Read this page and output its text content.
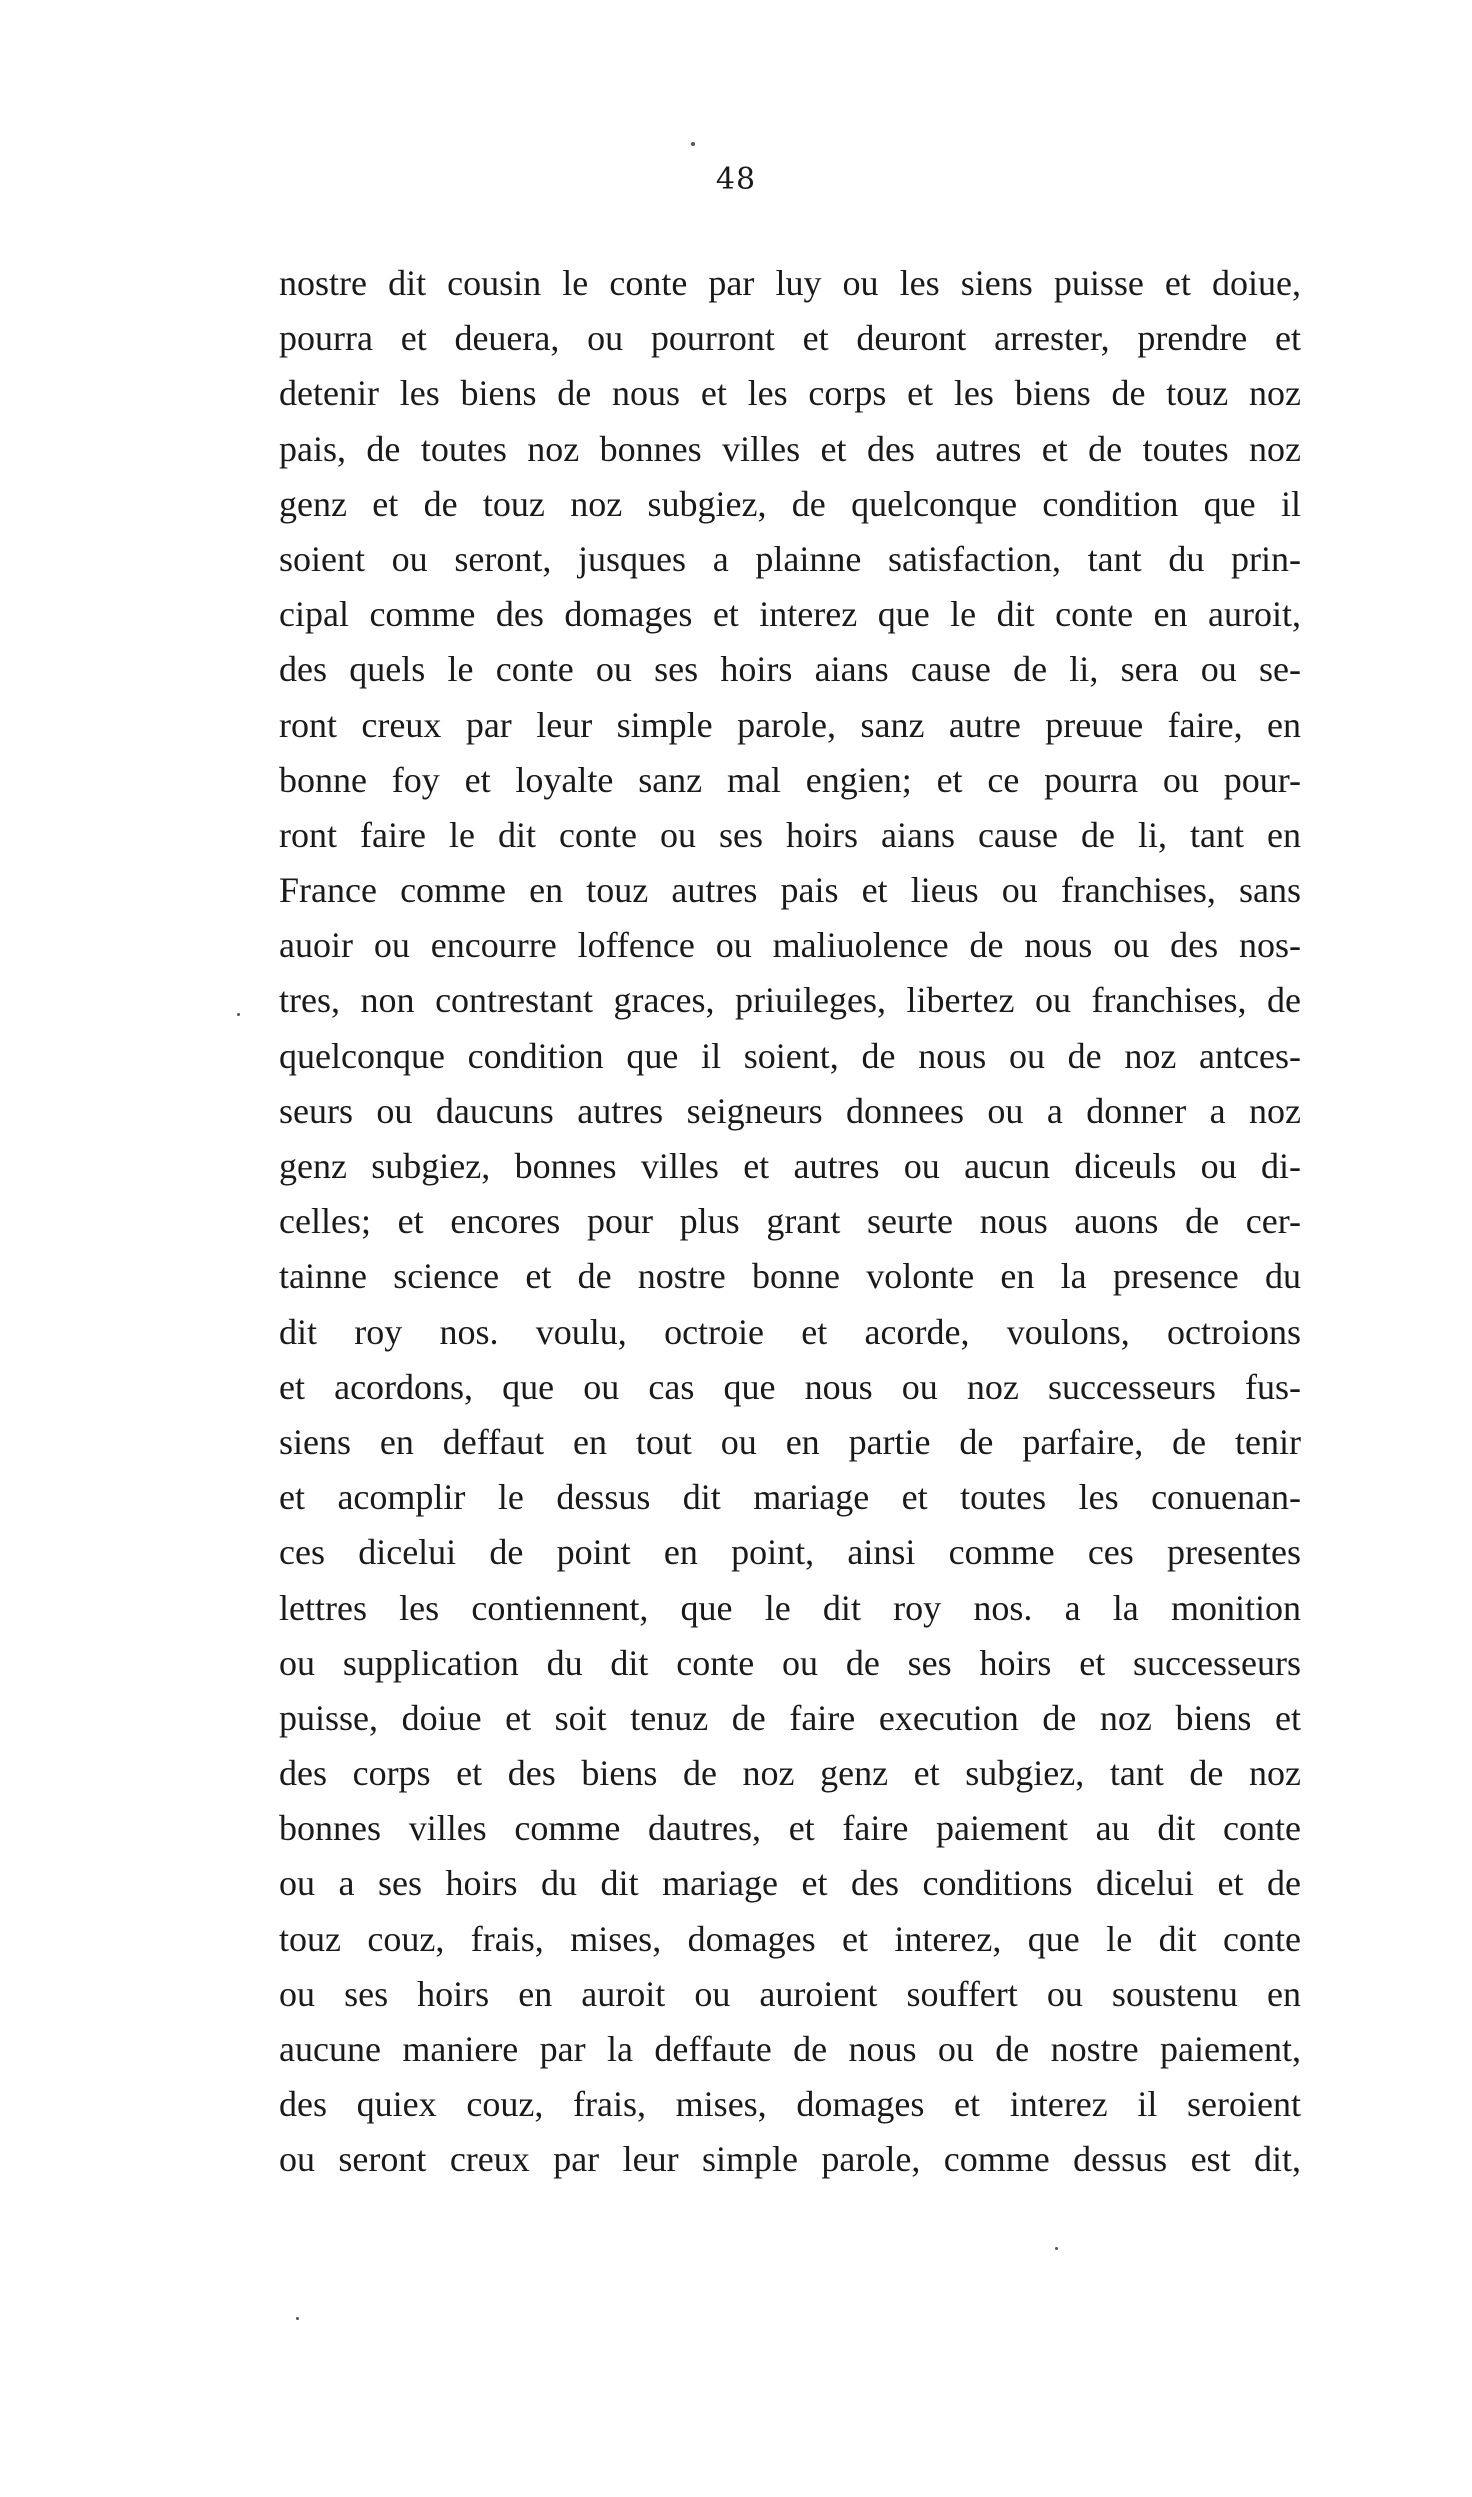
48
nostre dit cousin le conte par luy ou les siens puisse et doiue,
pourra et deuera, ou pourront et deuront arrester, prendre et
detenir les biens de nous et les corps et les biens de touz noz
pais, de toutes noz bonnes villes et des autres et de toutes noz
genz et de touz noz subgiez, de quelconque condition que il
soient ou seront, jusques a plainne satisfaction, tant du prin-
cipal comme des domages et interez que le dit conte en auroit,
des quels le conte ou ses hoirs aians cause de li, sera ou se-
ront creux par leur simple parole, sanz autre preuue faire, en
bonne foy et loyalte sanz mal engien; et ce pourra ou pour-
ront faire le dit conte ou ses hoirs aians cause de li, tant en
France comme en touz autres pais et lieus ou franchises, sans
auoir ou encourre loffence ou maliuolence de nous ou des nos-
tres, non contrestant graces, priuileges, libertez ou franchises, de
quelconque condition que il soient, de nous ou de noz antces-
seurs ou daucuns autres seigneurs donnees ou a donner a noz
genz subgiez, bonnes villes et autres ou aucun diceuls ou di-
celles; et encores pour plus grant seurte nous auons de cer-
tainne science et de nostre bonne volonte en la presence du
dit roy nos. voulu, octroie et acorde, voulons, octroions
et acordons, que ou cas que nous ou noz successeurs fus-
siens en deffaut en tout ou en partie de parfaire, de tenir
et acomplir le dessus dit mariage et toutes les conuenan-
ces dicelui de point en point, ainsi comme ces presentes
lettres les contiennent, que le dit roy nos. a la monition
ou supplication du dit conte ou de ses hoirs et successeurs
puisse, doiue et soit tenuz de faire execution de noz biens et
des corps et des biens de noz genz et subgiez, tant de noz
bonnes villes comme dautres, et faire paiement au dit conte
ou a ses hoirs du dit mariage et des conditions dicelui et de
touz couz, frais, mises, domages et interez, que le dit conte
ou ses hoirs en auroit ou auroient souffert ou soustenu en
aucune maniere par la deffaute de nous ou de nostre paiement,
des quiex couz, frais, mises, domages et interez il seroient
ou seront creux par leur simple parole, comme dessus est dit,
